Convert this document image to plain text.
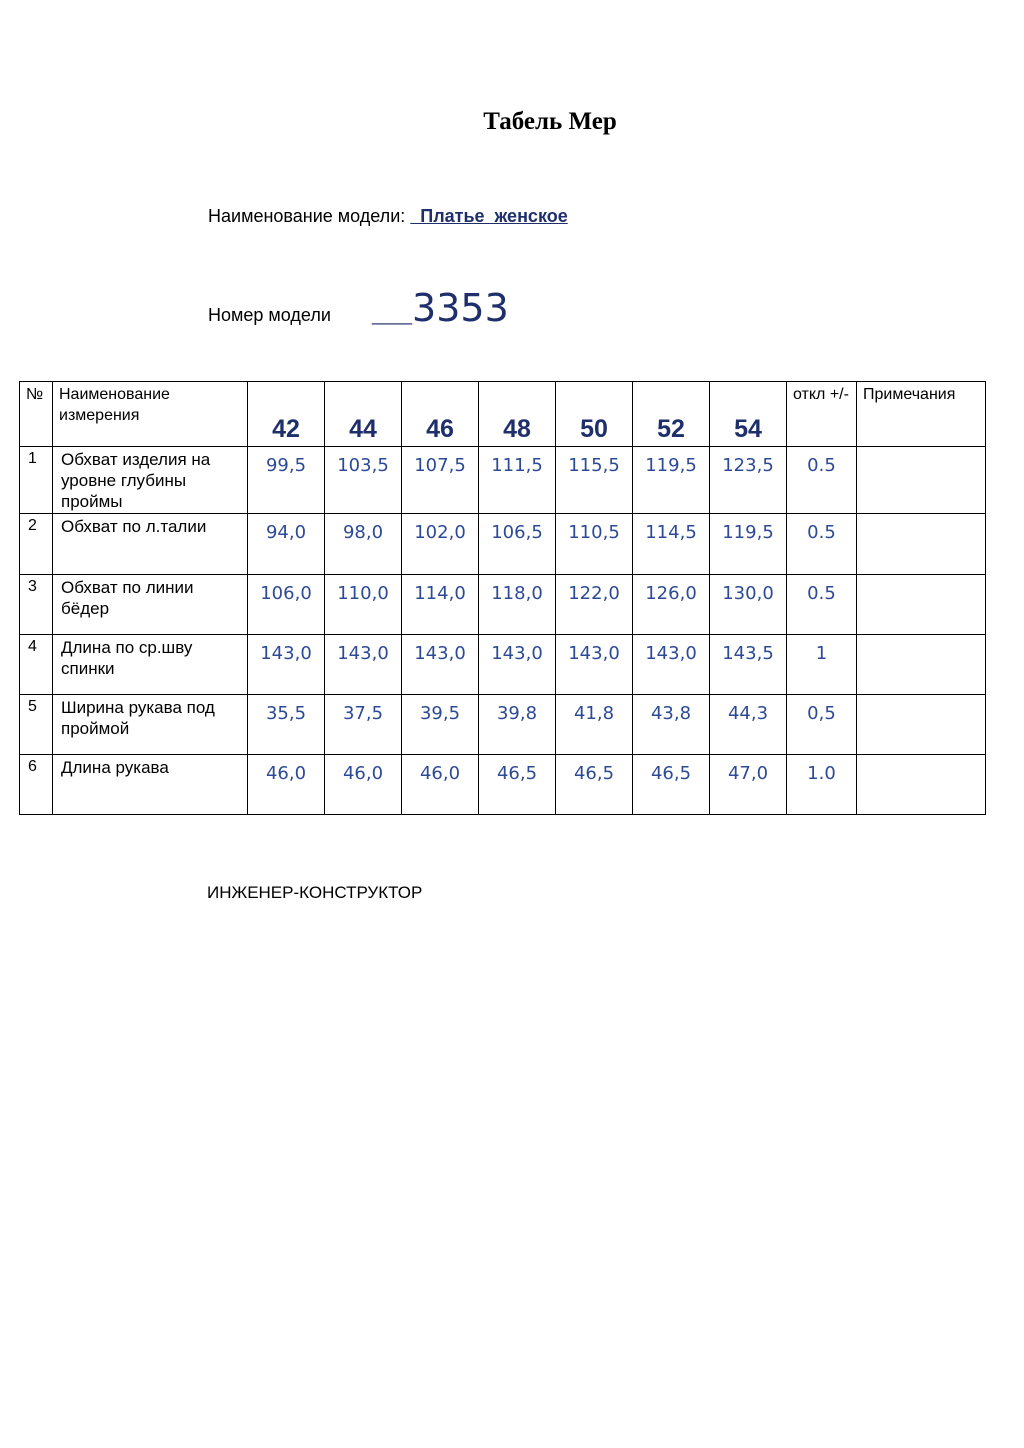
Табель Мер
Наименование модели:   Платье  женское
Номер модели	____ 3353
№	Наименование измерения	42	44	46	48	50	52	54	откл +/-	Примечания
1	Обхват изделия на уровне глубины проймы	99,5	103,5	107,5	111,5	115,5	119,5	123,5	0.5	
2	Обхват по л.талии	94,0	98,0	102,0	106,5	110,5	114,5	119,5	0.5	
3	Обхват по линии бёдер	106,0	110,0	114,0	118,0	122,0	126,0	130,0	0.5	
4	Длина по ср.шву спинки	143,0	143,0	143,0	143,0	143,0	143,0	143,5	1	
5	Ширина рукава под проймой	35,5	37,5	39,5	39,8	41,8	43,8	44,3	0,5	
6	Длина рукава	46,0	46,0	46,0	46,5	46,5	46,5	47,0	1.0	
ИНЖЕНЕР-КОНСТРУКТОР
